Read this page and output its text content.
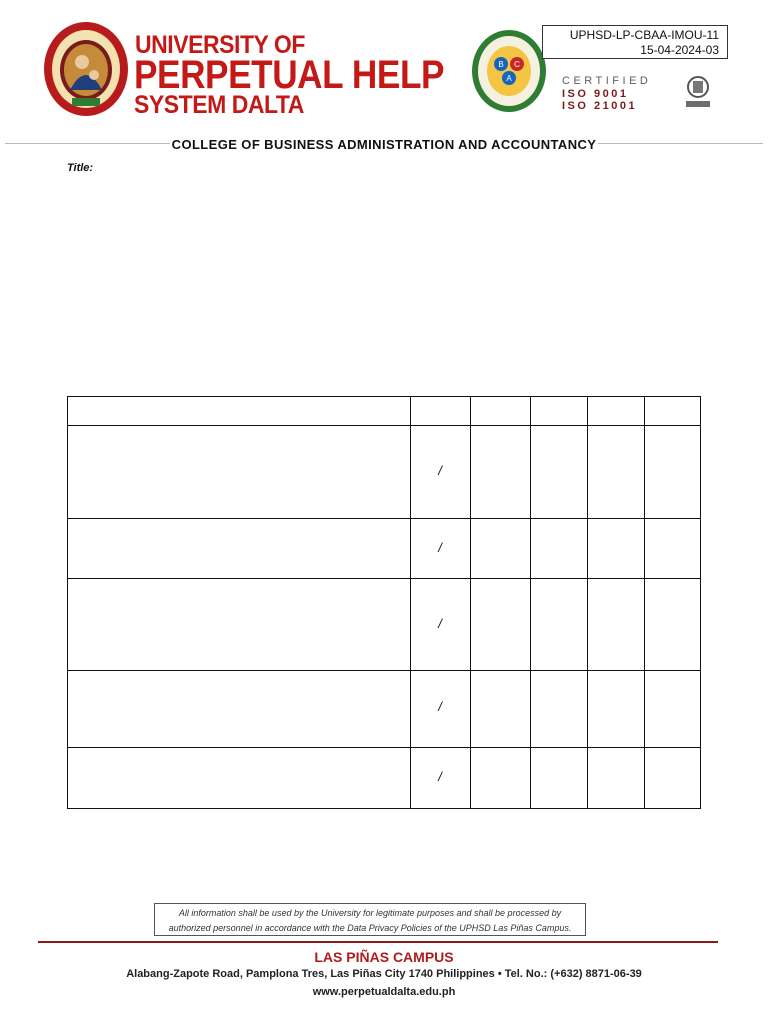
UNIVERSITY OF
PERPETUAL HELP
SYSTEM DALTA
B C
A
UPHSD-LP-CBAA-IMOU-11
15-04-2024-03
CERTIFIED
ISO 9001
ISO 21001
COLLEGE OF BUSINESS ADMINISTRATION AND ACCOUNTANCY
Title:
/
/
/
/
/
All information shall be used by the University for legitimate purposes and shall be processed by
authorized personnel in accordance with the Data Privacy Policies of the UPHSD Las Piñas Campus.
LAS PIÑAS CAMPUS
Alabang-Zapote Road, Pamplona Tres, Las Piñas City 1740 Philippines • Tel. No.: (+632) 8871-06-39
www.perpetualdalta.edu.ph
